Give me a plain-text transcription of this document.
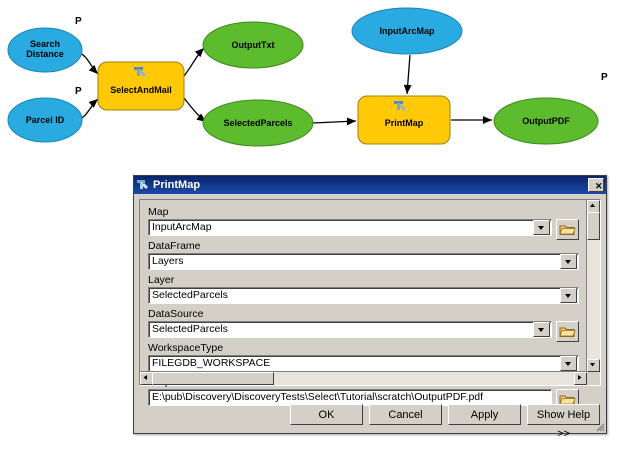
Search
Distance
Parcel ID
SelectAndMail
OutputTxt
SelectedParcels
InputArcMap
PrintMap	OutputPDF
P
P
P
PrintMap	✕
Map
InputArcMap
DataFrame
Layers
Layer
SelectedParcels
DataSource
SelectedParcels
WorkspaceType
FILEGDB_WORKSPACE
E:\pub\Discovery\DiscoveryTests\Select\Tutorial\scratch\OutputPDF.pdf
OK	Cancel	Apply	Show Help >>
